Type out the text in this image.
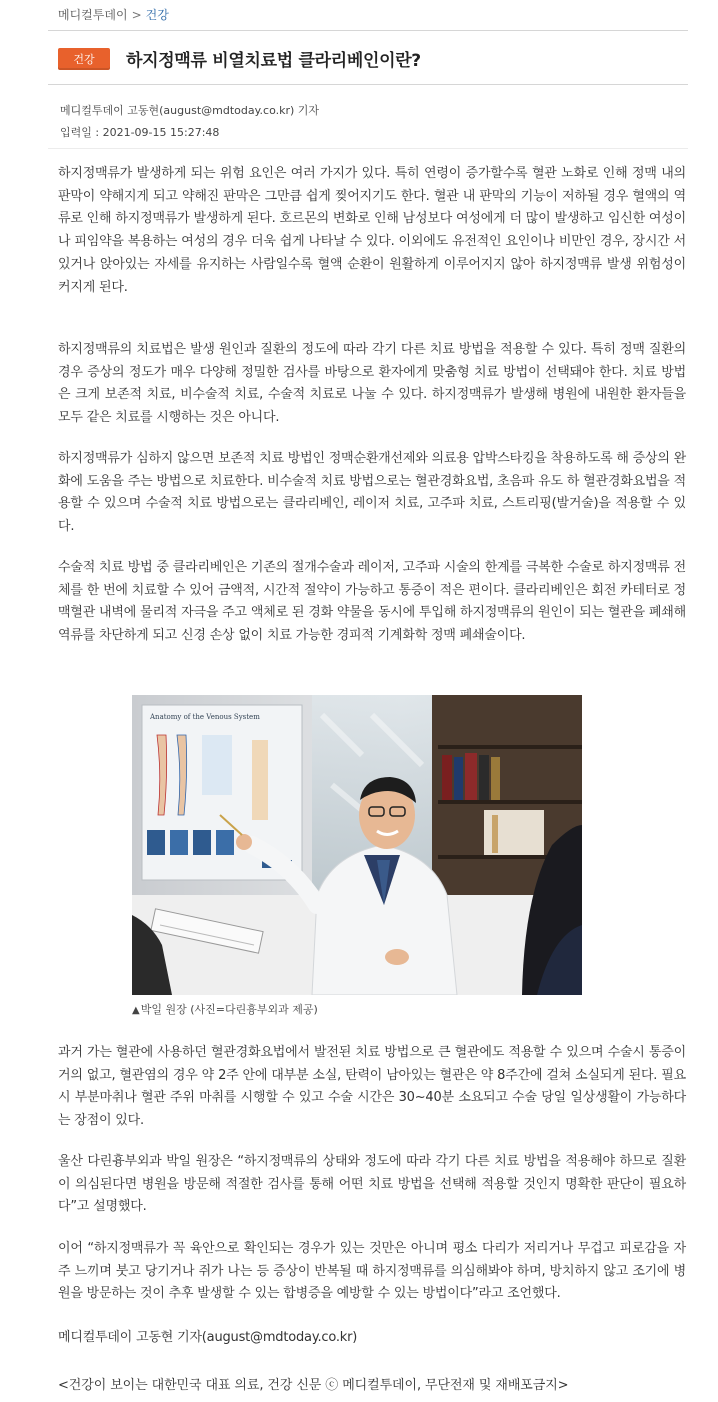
메디컬투데이 > 건강
건강	하지정맥류 비열치료법 클라리베인이란?
메디컬투데이 고동현(august@mdtoday.co.kr) 기자
입력일 : 2021-09-15 15:27:48

하지정맥류가 발생하게 되는 위험 요인은 여러 가지가 있다. 특히 연령이 증가할수록 혈관 노화로 인해 정맥 내의 판막이 약해지게 되고 약해진 판막은 그만큼 쉽게 찢어지기도 한다. 혈관 내 판막의 기능이 저하될 경우 혈액의 역류로 인해 하지정맥류가 발생하게 된다. 호르몬의 변화로 인해 남성보다 여성에게 더 많이 발생하고 임신한 여성이나 피임약을 복용하는 여성의 경우 더욱 쉽게 나타날 수 있다. 이외에도 유전적인 요인이나 비만인 경우, 장시간 서 있거나 앉아있는 자세를 유지하는 사람일수록 혈액 순환이 원활하게 이루어지지 않아 하지정맥류 발생 위험성이 커지게 된다.

하지정맥류의 치료법은 발생 원인과 질환의 정도에 따라 각기 다른 치료 방법을 적용할 수 있다. 특히 정맥 질환의 경우 증상의 정도가 매우 다양해 정밀한 검사를 바탕으로 환자에게 맞춤형 치료 방법이 선택돼야 한다. 치료 방법은 크게 보존적 치료, 비수술적 치료, 수술적 치료로 나눌 수 있다. 하지정맥류가 발생해 병원에 내원한 환자들을 모두 같은 치료를 시행하는 것은 아니다.

하지정맥류가 심하지 않으면 보존적 치료 방법인 정맥순환개선제와 의료용 압박스타킹을 착용하도록 해 증상의 완화에 도움을 주는 방법으로 치료한다. 비수술적 치료 방법으로는 혈관경화요법, 초음파 유도 하 혈관경화요법을 적용할 수 있으며 수술적 치료 방법으로는 클라리베인, 레이저 치료, 고주파 치료, 스트리핑(발거술)을 적용할 수 있다.

수술적 치료 방법 중 클라리베인은 기존의 절개수술과 레이저, 고주파 시술의 한계를 극복한 수술로 하지정맥류 전체를 한 번에 치료할 수 있어 금액적, 시간적 절약이 가능하고 통증이 적은 편이다. 클라리베인은 회전 카테터로 정맥혈관 내벽에 물리적 자극을 주고 액체로 된 경화 약물을 동시에 투입해 하지정맥류의 원인이 되는 혈관을 폐쇄해 역류를 차단하게 되고 신경 손상 없이 치료 가능한 경피적 기계화학 정맥 폐쇄술이다.

Anatomy of the Venous System
▲박일 원장 (사진=다린흉부외과 제공)

과거 가는 혈관에 사용하던 혈관경화요법에서 발전된 치료 방법으로 큰 혈관에도 적용할 수 있으며 수술시 통증이 거의 없고, 혈관염의 경우 약 2주 안에 대부분 소실, 탄력이 남아있는 혈관은 약 8주간에 걸쳐 소실되게 된다. 필요시 부분마취나 혈관 주위 마취를 시행할 수 있고 수술 시간은 30~40분 소요되고 수술 당일 일상생활이 가능하다는 장점이 있다.

울산 다린흉부외과 박일 원장은 “하지정맥류의 상태와 정도에 따라 각기 다른 치료 방법을 적용해야 하므로 질환이 의심된다면 병원을 방문해 적절한 검사를 통해 어떤 치료 방법을 선택해 적용할 것인지 명확한 판단이 필요하다”고 설명했다.

이어 “하지정맥류가 꼭 육안으로 확인되는 경우가 있는 것만은 아니며 평소 다리가 저리거나 무겁고 피로감을 자주 느끼며 붓고 당기거나 쥐가 나는 등 증상이 반복될 때 하지정맥류를 의심해봐야 하며, 방치하지 않고 조기에 병원을 방문하는 것이 추후 발생할 수 있는 합병증을 예방할 수 있는 방법이다”라고 조언했다.

메디컬투데이 고동현 기자(august@mdtoday.co.kr)

<건강이 보이는 대한민국 대표 의료, 건강 신문 ⓒ 메디컬투데이, 무단전재 및 재배포금지>
